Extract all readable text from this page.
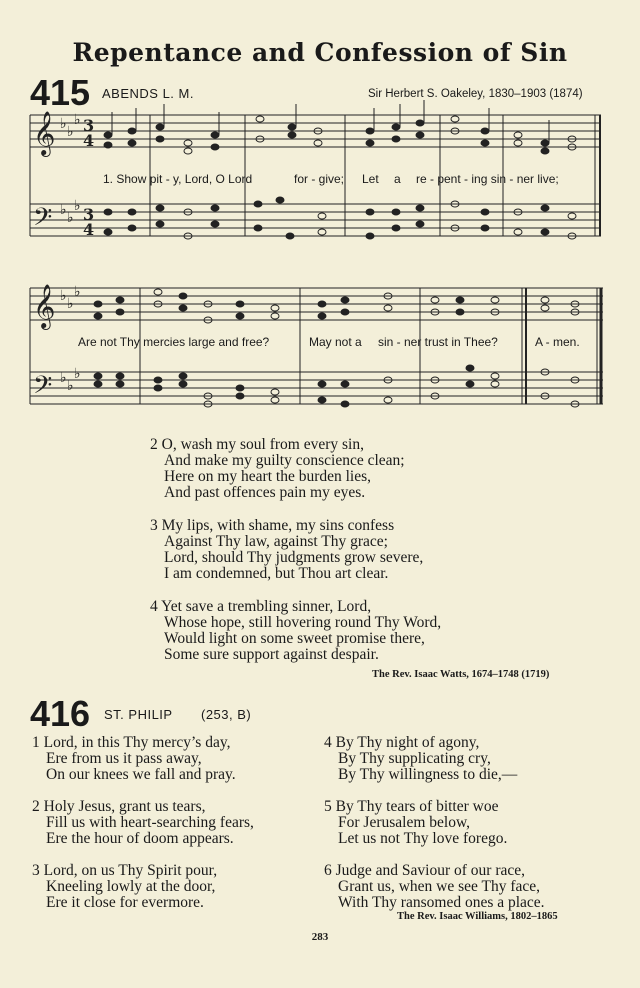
Repentance and Confession of Sin
415 ABENDS L. M.	Sir Herbert S. Oakeley, 1830–1903 (1874)
𝄞
𝄢
𝄞
𝄢
♭ ♭
♭
♭ ♭
♭
♭ ♭
♭
♭ ♭
♭
3
4
3
4
1. Show pit - y, Lord, O Lord	for - give; Let a re - pent - ing sin - ner live;
Are not Thy mercies large and free?	May not a sin - ner trust in Thee?	A - men.
2 O, wash my soul from every sin,
And make my guilty conscience clean;
Here on my heart the burden lies,
And past offences pain my eyes.
3 My lips, with shame, my sins confess
Against Thy law, against Thy grace;
Lord, should Thy judgments grow severe,
I am condemned, but Thou art clear.
4 Yet save a trembling sinner, Lord,
Whose hope, still hovering round Thy Word,
Would light on some sweet promise there,
Some sure support against despair.
The Rev. Isaac Watts, 1674–1748 (1719)
416 ST. PHILIP (253, B)
1 Lord, in this Thy mercy’s day,
Ere from us it pass away,
On our knees we fall and pray.
2 Holy Jesus, grant us tears,
Fill us with heart-searching fears,
Ere the hour of doom appears.
3 Lord, on us Thy Spirit pour,
Kneeling lowly at the door,
Ere it close for evermore.
4 By Thy night of agony,
By Thy supplicating cry,
By Thy willingness to die,—
5 By Thy tears of bitter woe
For Jerusalem below,
Let us not Thy love forego.
6 Judge and Saviour of our race,
Grant us, when we see Thy face,
With Thy ransomed ones a place.
The Rev. Isaac Williams, 1802–1865
283
